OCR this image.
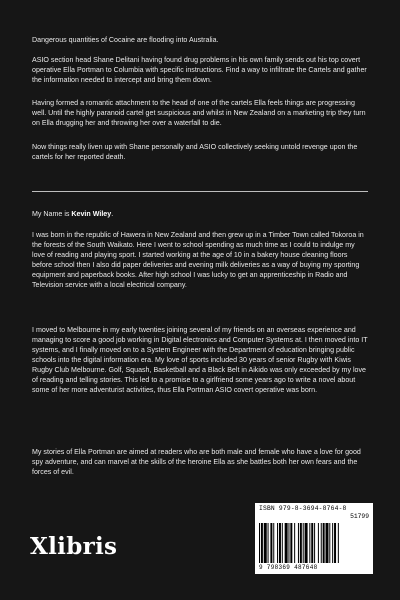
Dangerous quantities of Cocaine are flooding into Australia.

ASIO section head Shane Delitani having found drug problems in his own family sends out his top covert operative Ella Portman to Columbia with specific instructions. Find a way to infiltrate the Cartels and gather the information needed to intercept and bring them down.

Having formed a romantic attachment to the head of one of the cartels Ella feels things are progressing well. Until the highly paranoid cartel get suspicious and whilst in New Zealand on a marketing trip they turn on Ella drugging her and throwing her over a waterfall to die.

Now things really liven up with Shane personally and ASIO collectively seeking untold revenge upon the cartels for her reported death.

My Name is Kevin Wiley.

I was born in the republic of Hawera in New Zealand and then grew up in a Timber Town called Tokoroa in the forests of the South Waikato. Here I went to school spending as much time as I could to indulge my love of reading and playing sport. I started working at the age of 10 in a bakery house cleaning floors before school then I also did paper deliveries and evening milk deliveries as a way of buying my sporting equipment and paperback books. After high school I was lucky to get an apprenticeship in Radio and Television service with a local electrical company.

I moved to Melbourne in my early twenties joining several of my friends on an overseas experience and managing to score a good job working in Digital electronics and Computer Systems at. I then moved into IT systems, and I finally moved on to a System Engineer with the Department of education bringing public schools into the digital information era. My love of sports included 30 years of senior Rugby with Kiwis Rugby Club Melbourne. Golf, Squash, Basketball and a Black Belt in Aikido was only exceeded by my love of reading and telling stories. This led to a promise to a girlfriend some years ago to write a novel about some of her more adventurist activities, thus Ella Portman ASIO covert operative was born.

My stories of Ella Portman are aimed at readers who are both male and female who have a love for good spy adventure, and can marvel at the skills of the heroine Ella as she battles both her own fears and the forces of evil.

ISBN 979-8-3694-8764-8
51799
9 798369 487648
Xlibris
